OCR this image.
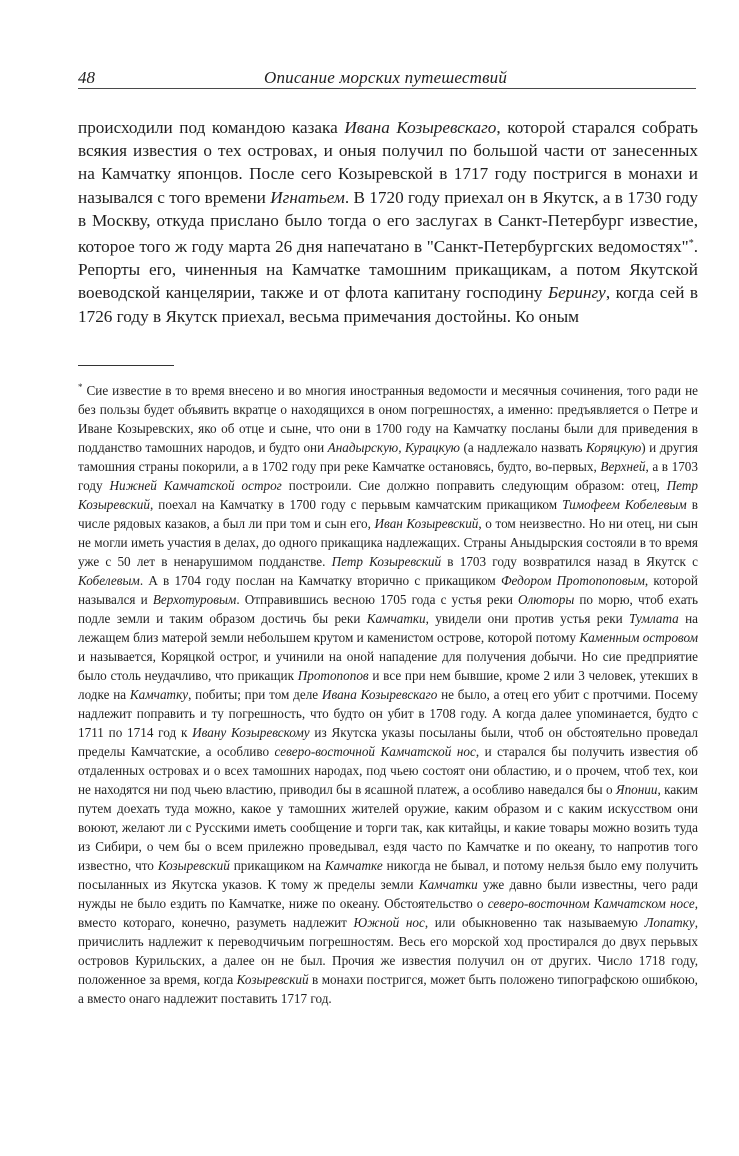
48	Описание морских путешествий

происходили под командою казака Ивана Козыревскаго, которой старался собрать всякия известия о тех островах, и оныя получил по большой части от занесенных на Камчатку японцов. После сего Козыревской в 1717 году постригся в монахи и назывался с того времени Игнатьем. В 1720 году приехал он в Якутск, а в 1730 году в Москву, откуда прислано было тогда о его заслугах в Санкт-Петербург известие, которое того ж году марта 26 дня напечатано в "Санкт-Петербургских ведомостях"*. Репорты его, чиненныя на Камчатке тамошним прикащикам, а потом Якутской воеводской канцелярии, также и от флота капитану господину Берингу, когда сей в 1726 году в Якутск приехал, весьма примечания достойны. Ко оным

* Сие известие в то время внесено и во многия иностранныя ведомости и месячныя сочинения, того ради не без пользы будет объявить вкратце о находящихся в оном погрешностях, а именно: предъявляется о Петре и Иване Козыревских, яко об отце и сыне, что они в 1700 году на Камчатку посланы были для приведения в подданство тамошних народов, и будто они Анадырскую, Курацкую (а надлежало назвать Коряцкую) и другия тамошния страны покорили, а в 1702 году при реке Камчатке остановясь, будто, во-первых, Верхней, а в 1703 году Нижней Камчатской острог построили. Сие должно поправить следующим образом: отец, Петр Козыревский, поехал на Камчатку в 1700 году с перьвым камчатским прикащиком Тимофеем Кобелевым в числе рядовых казаков, а был ли при том и сын его, Иван Козыревский, о том неизвестно. Но ни отец, ни сын не могли иметь участия в делах, до одного прикащика надлежащих. Страны Аныдырския состояли в то время уже с 50 лет в ненарушимом подданстве. Петр Козыревский в 1703 году возвратился назад в Якутск с Кобелевым. А в 1704 году послан на Камчатку вторично с прикащиком Федором Протопоповым, которой назывался и Верхотуровым. Отправившись весною 1705 года с устья реки Олюторы по морю, чтоб ехать подле земли и таким образом достичь бы реки Камчатки, увидели они против устья реки Тумлата на лежащем близ матерой земли небольшем крутом и каменистом острове, которой потому Каменным островом и называется, Коряцкой острог, и учинили на оной нападение для получения добычи. Но сие предприятие было столь неудачливо, что прикащик Протопопов и все при нем бывшие, кроме 2 или 3 человек, утекших в лодке на Камчатку, побиты; при том деле Ивана Козыревскаго не было, а отец его убит с протчими. Посему надлежит поправить и ту погрешность, что будто он убит в 1708 году. А когда далее упоминается, будто с 1711 по 1714 год к Ивану Козыревскому из Якутска указы посыланы были, чтоб он обстоятельно проведал пределы Камчатские, а особливо северо-восточной Камчатской нос, и старался бы получить известия об отдаленных островах и о всех тамошних народах, под чьею состоят они областию, и о прочем, чтоб тех, кои не находятся ни под чьею властию, приводил бы в ясашной платеж, а особливо наведался бы о Японии, каким путем доехать туда можно, какое у тамошних жителей оружие, каким образом и с каким искусством они воюют, желают ли с Русскими иметь сообщение и торги так, как китайцы, и какие товары можно возить туда из Сибири, о чем бы о всем прилежно проведывал, ездя часто по Камчатке и по океану, то напротив того известно, что Козыревский прикащиком на Камчатке никогда не бывал, и потому нельзя было ему получить посыланных из Якутска указов. К тому ж пределы земли Камчатки уже давно были известны, чего ради нужды не было ездить по Камчатке, ниже по океану. Обстоятельство о северо-восточном Камчатском носе, вместо котораго, конечно, разуметь надлежит Южной нос, или обыкновенно так называемую Лопатку, причислить надлежит к переводчичьим погрешностям. Весь его морской ход простирался до двух перьвых островов Курильских, а далее он не был. Прочия же известия получил он от других. Число 1718 году, положенное за время, когда Козыревский в монахи постригся, может быть положено типографскою ошибкою, а вместо онаго надлежит поставить 1717 год.
